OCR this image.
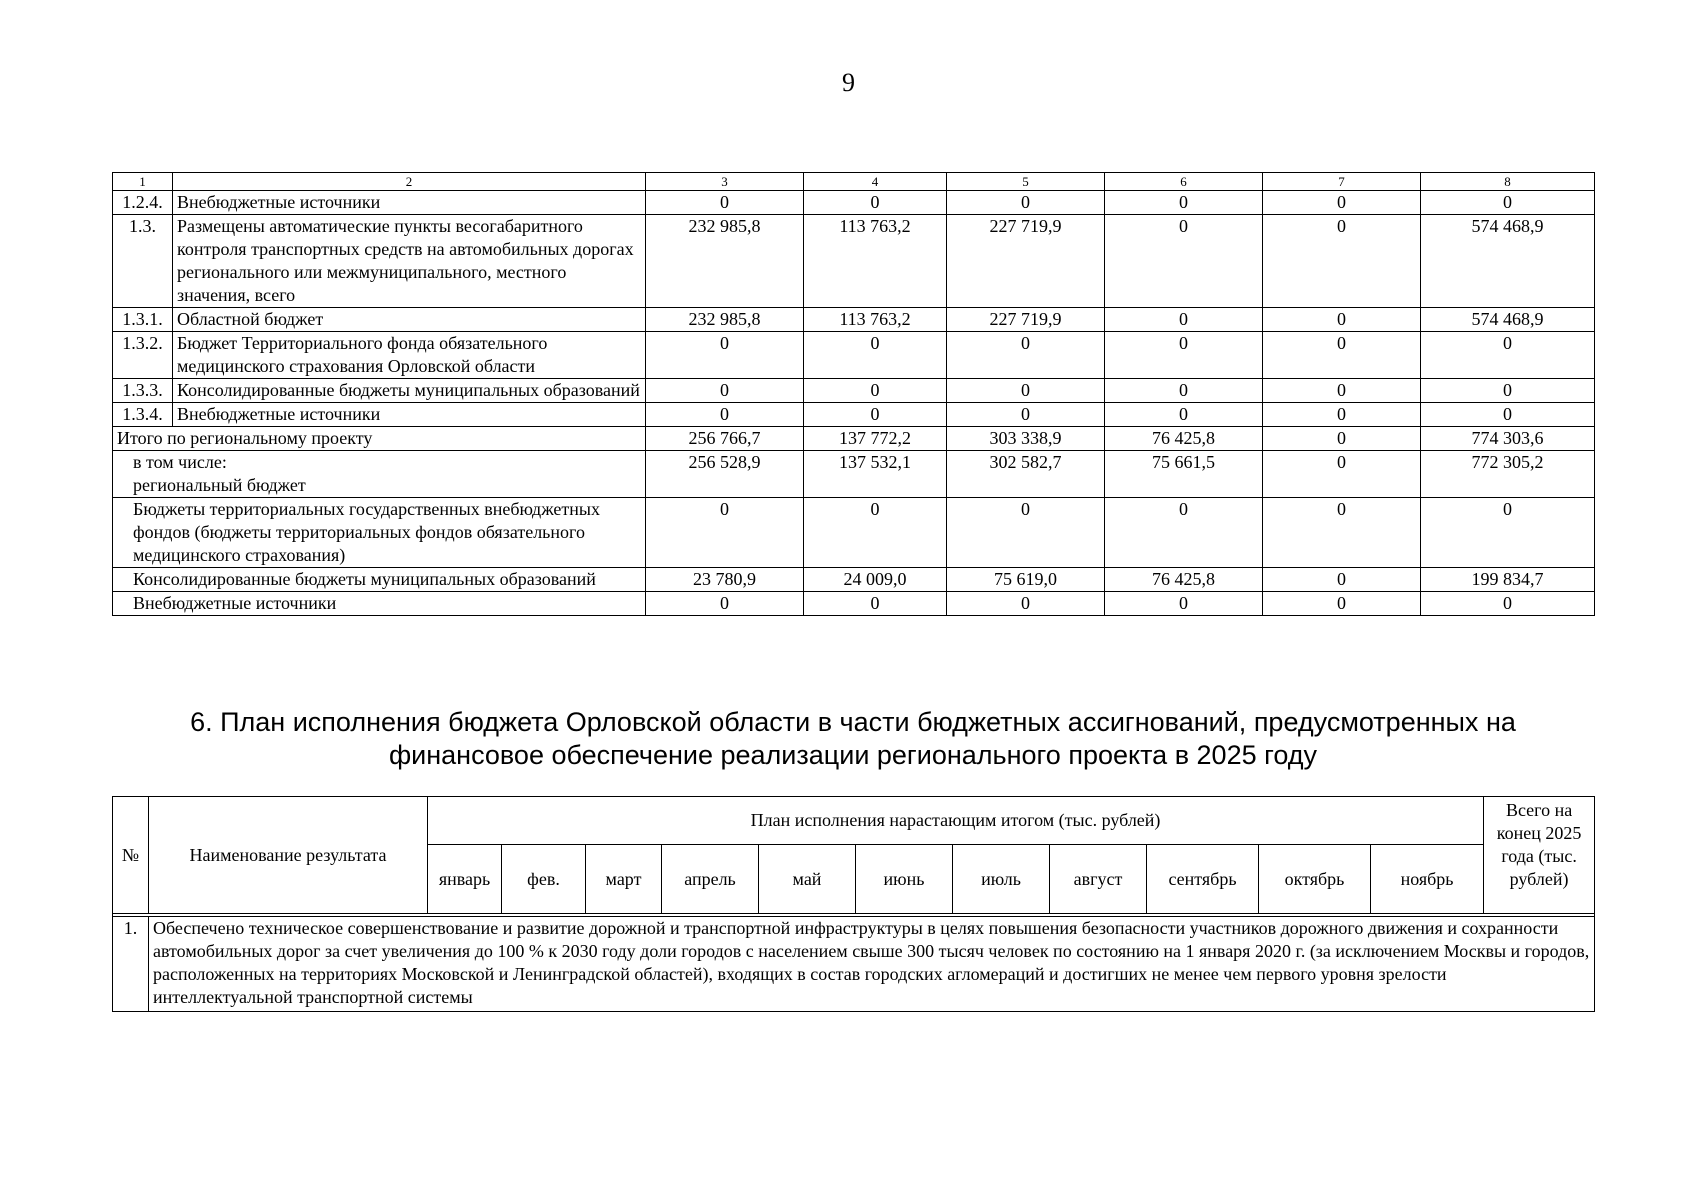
9
1	2	3	4	5	6	7	8
1.2.4.	Внебюджетные источники	0	0	0	0	0	0
1.3.	Размещены автоматические пункты весогабаритного контроля транспортных средств на автомобильных дорогах регионального или межмуниципального, местного значения, всего	232 985,8	113 763,2	227 719,9	0	0	574 468,9
1.3.1.	Областной бюджет	232 985,8	113 763,2	227 719,9	0	0	574 468,9
1.3.2.	Бюджет Территориального фонда обязательного медицинского страхования Орловской области	0	0	0	0	0	0
1.3.3.	Консолидированные бюджеты муниципальных образований	0	0	0	0	0	0
1.3.4.	Внебюджетные источники	0	0	0	0	0	0
Итого по региональному проекту		256 766,7	137 772,2	303 338,9	76 425,8	0	774 303,6
в том числе:
региональный бюджет		256 528,9	137 532,1	302 582,7	75 661,5	0	772 305,2
Бюджеты территориальных государственных внебюджетных фондов (бюджеты территориальных фондов обязательного медицинского страхования)		0	0	0	0	0	0
Консолидированные бюджеты муниципальных образований		23 780,9	24 009,0	75 619,0	76 425,8	0	199 834,7
Внебюджетные источники		0	0	0	0	0	0
6. План исполнения бюджета Орловской области в части бюджетных ассигнований, предусмотренных на финансовое обеспечение реализации регионального проекта в 2025 году
№	Наименование результата	План исполнения нарастающим итогом (тыс. рублей)											Всего на конец 2025 года (тыс. рублей)
		январь	фев.	март	апрель	май	июнь	июль	август	сентябрь	октябрь	ноябрь	

1.	Обеспечено техническое совершенствование и развитие дорожной и транспортной инфраструктуры в целях повышения безопасности участников дорожного движения и сохранности автомобильных дорог за счет увеличения до 100 % к 2030 году доли городов с населением свыше 300 тысяч человек по состоянию на 1 января 2020 г. (за исключением Москвы и городов, расположенных на территориях Московской и Ленинградской областей), входящих в состав городских агломераций и достигших не менее чем первого уровня зрелости интеллектуальной транспортной системы												
